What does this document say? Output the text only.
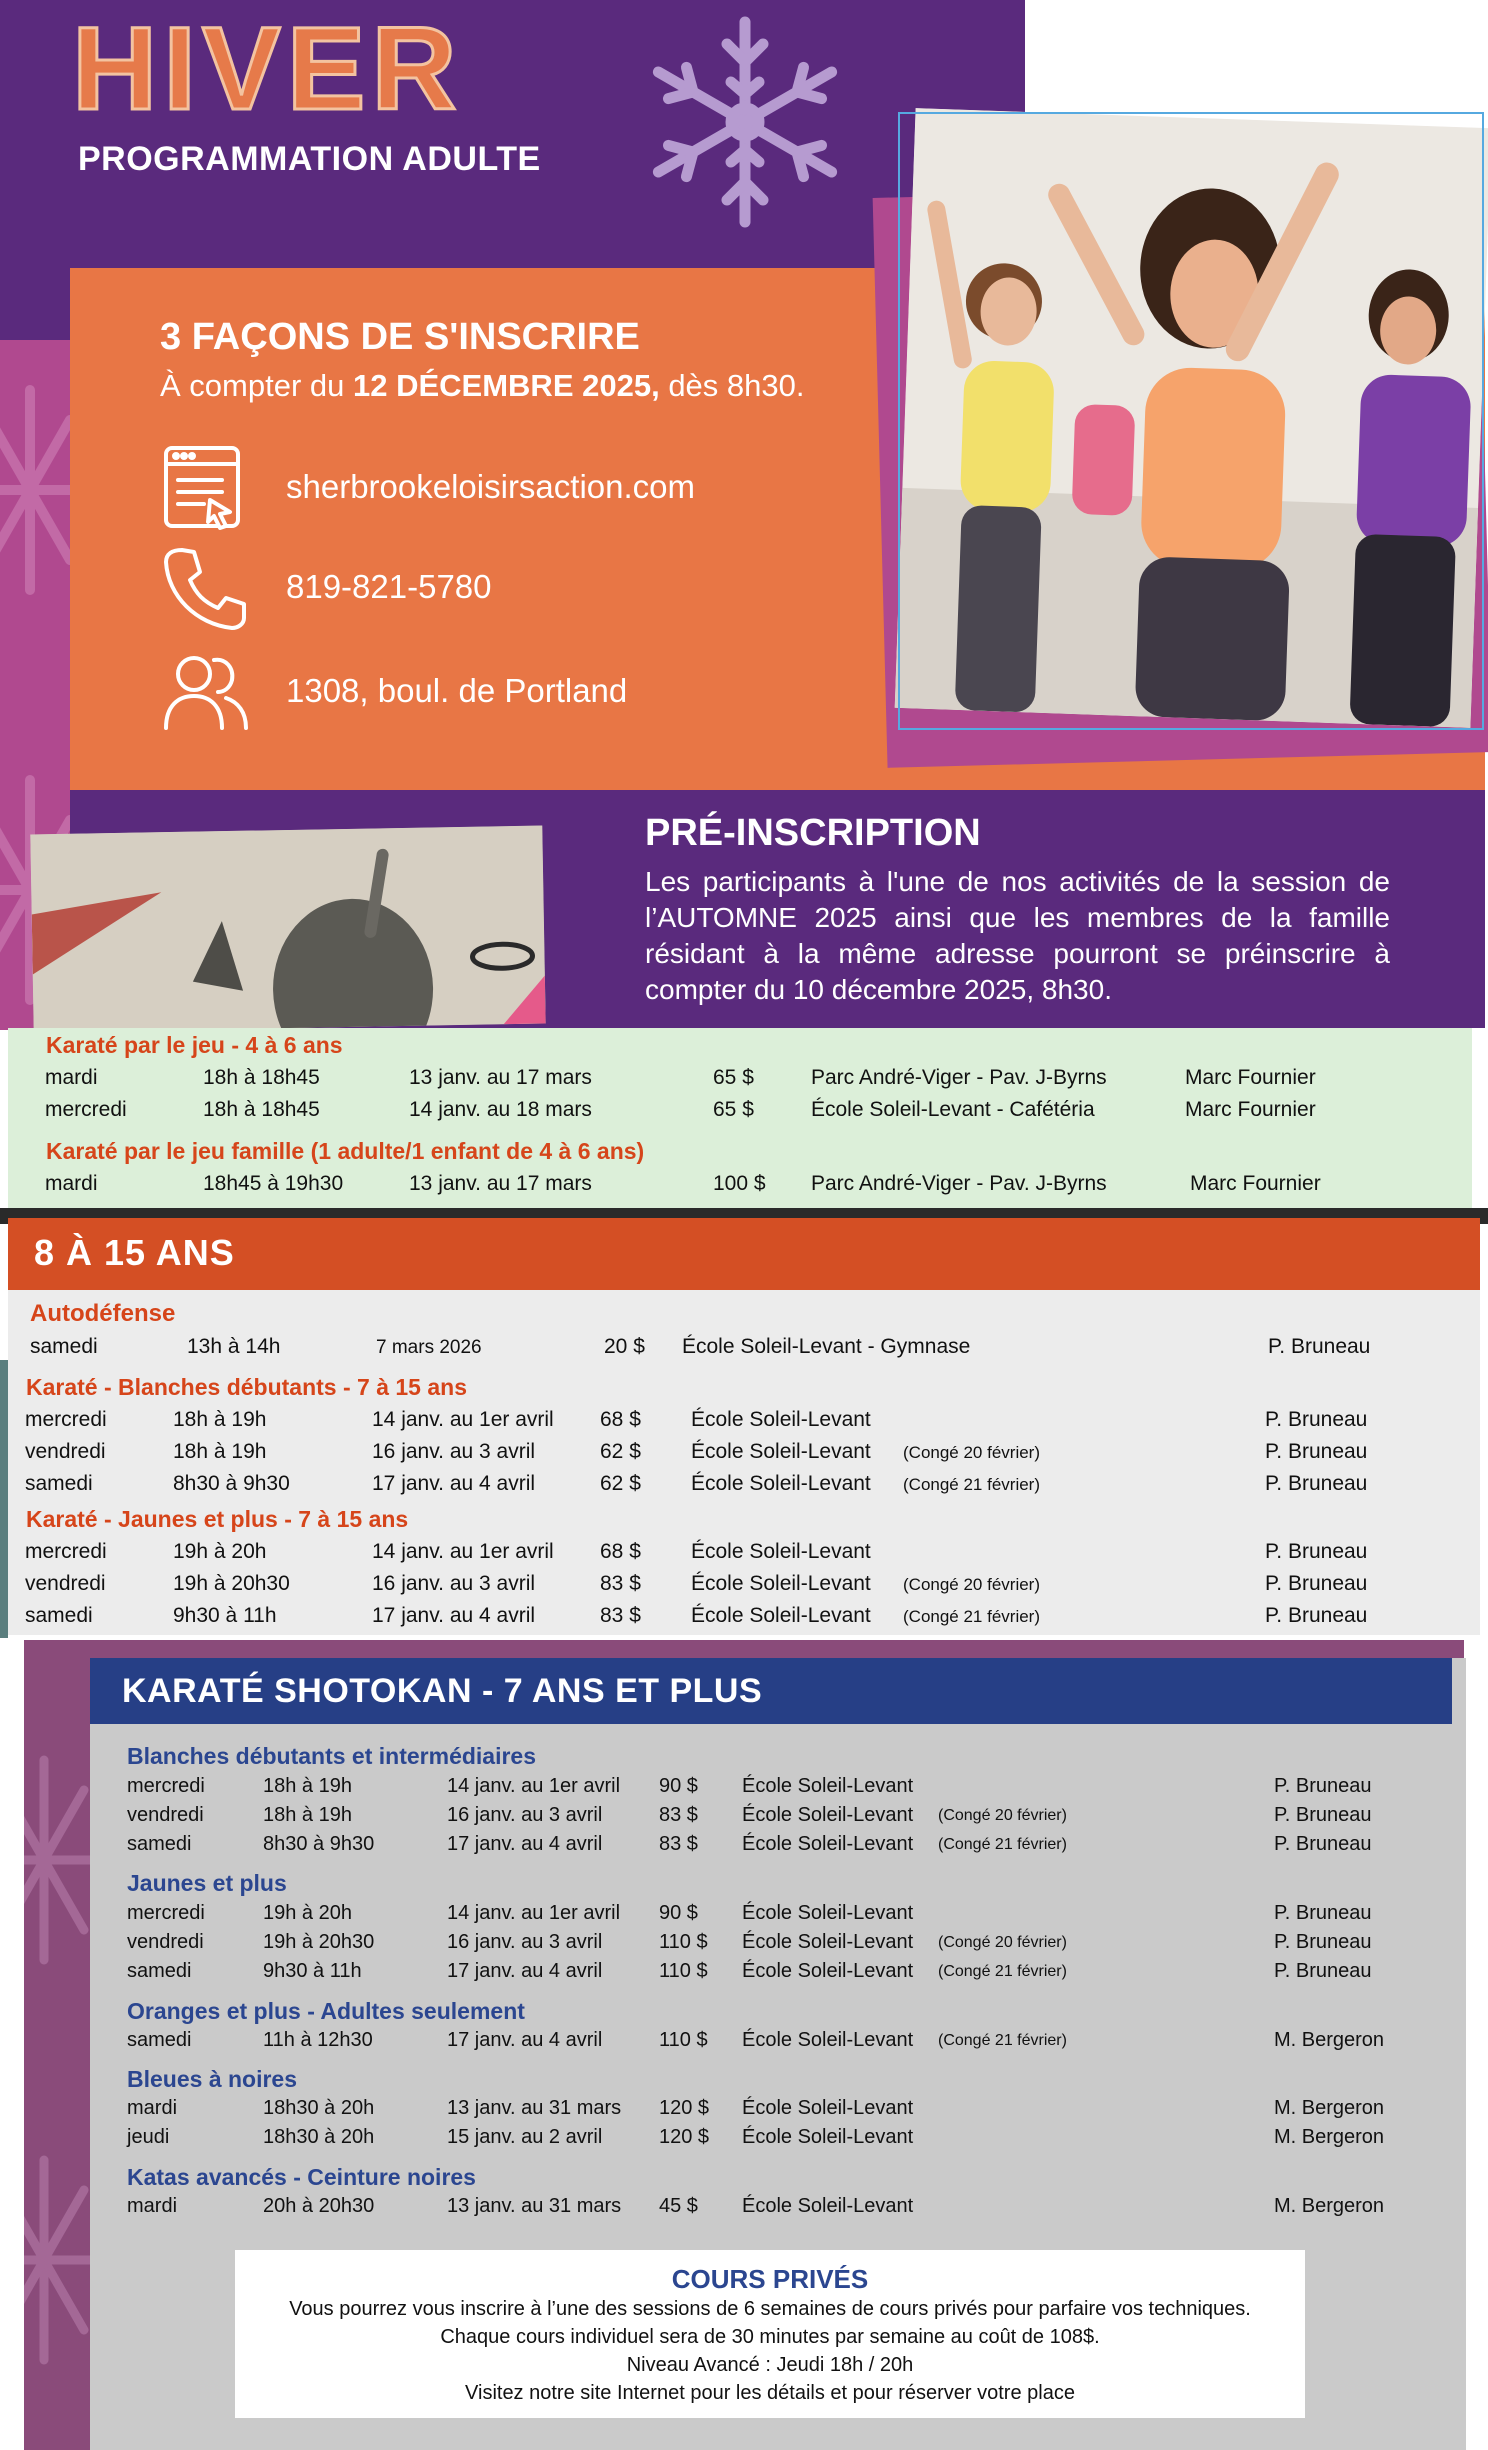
HIVER
PROGRAMMATION ADULTE
3 FAÇONS DE S'INSCRIRE
À compter du 12 DÉCEMBRE 2025, dès 8h30.
sherbrookeloisirsaction.com
819-821-5780
1308, boul. de Portland
PRÉ-INSCRIPTION
Les participants à l'une de nos activités de la session de l’AUTOMNE 2025 ainsi que les membres de la famille résidant à la même adresse pourront se préinscrire à compter du 10 décembre 2025, 8h30.
Karaté par le jeu - 4 à 6 ans
mardi	18h à 18h45	13 janv. au 17 mars	65 $	Parc André-Viger - Pav. J-Byrns	Marc Fournier
mercredi	18h à 18h45	14 janv. au 18 mars	65 $	École Soleil-Levant - Cafétéria	Marc Fournier
Karaté par le jeu famille (1 adulte/1 enfant de 4 à 6 ans)
mardi	18h45 à 19h30	13 janv. au 17 mars	100 $ Parc André-Viger - Pav. J-Byrns	Marc Fournier
8 À 15 ANS
Autodéfense
samedi	13h à 14h	7 mars 2026	20 $ École Soleil-Levant - Gymnase	P. Bruneau
Karaté - Blanches débutants - 7 à 15 ans
mercredi	18h à 19h	14 janv. au 1er avril 68 $ École Soleil-Levant	P. Bruneau
vendredi	18h à 19h	16 janv. au 3 avril	62 $ École Soleil-Levant (Congé 20 février)	P. Bruneau
samedi	8h30 à 9h30	17 janv. au 4 avril	62 $ École Soleil-Levant (Congé 21 février)	P. Bruneau
Karaté - Jaunes et plus - 7 à 15 ans
mercredi	19h à 20h	14 janv. au 1er avril 68 $ École Soleil-Levant	P. Bruneau
vendredi	19h à 20h30	16 janv. au 3 avril	83 $ École Soleil-Levant (Congé 20 février)	P. Bruneau
samedi	9h30 à 11h	17 janv. au 4 avril	83 $ École Soleil-Levant (Congé 21 février)	P. Bruneau
KARATÉ SHOTOKAN - 7 ANS ET PLUS
Blanches débutants et intermédiaires
mercredi	18h à 19h	14 janv. au 1er avril 90 $ École Soleil-Levant	P. Bruneau
vendredi	18h à 19h	16 janv. au 3 avril	83 $ École Soleil-Levant (Congé 20 février)	P. Bruneau
samedi	8h30 à 9h30	17 janv. au 4 avril	83 $ École Soleil-Levant (Congé 21 février)	P. Bruneau
Jaunes et plus
mercredi	19h à 20h	14 janv. au 1er avril 90 $ École Soleil-Levant	P. Bruneau
vendredi	19h à 20h30	16 janv. au 3 avril	110 $ École Soleil-Levant (Congé 20 février)	P. Bruneau
samedi	9h30 à 11h	17 janv. au 4 avril	110 $ École Soleil-Levant (Congé 21 février)	P. Bruneau
Oranges et plus - Adultes seulement
samedi	11h à 12h30	17 janv. au 4 avril	110 $ École Soleil-Levant (Congé 21 février)	M. Bergeron
Bleues à noires
mardi	18h30 à 20h	13 janv. au 31 mars 120 $ École Soleil-Levant	M. Bergeron
jeudi	18h30 à 20h	15 janv. au 2 avril	120 $ École Soleil-Levant	M. Bergeron
Katas avancés - Ceinture noires
mardi	20h à 20h30	13 janv. au 31 mars 45 $ École Soleil-Levant	M. Bergeron
COURS PRIVÉS

Vous pourrez vous inscrire à l’une des sessions de 6 semaines de cours privés pour parfaire vos techniques.

Chaque cours individuel sera de 30 minutes par semaine au coût de 108$.

Niveau Avancé : Jeudi 18h / 20h

Visitez notre site Internet pour les détails et pour réserver votre place
